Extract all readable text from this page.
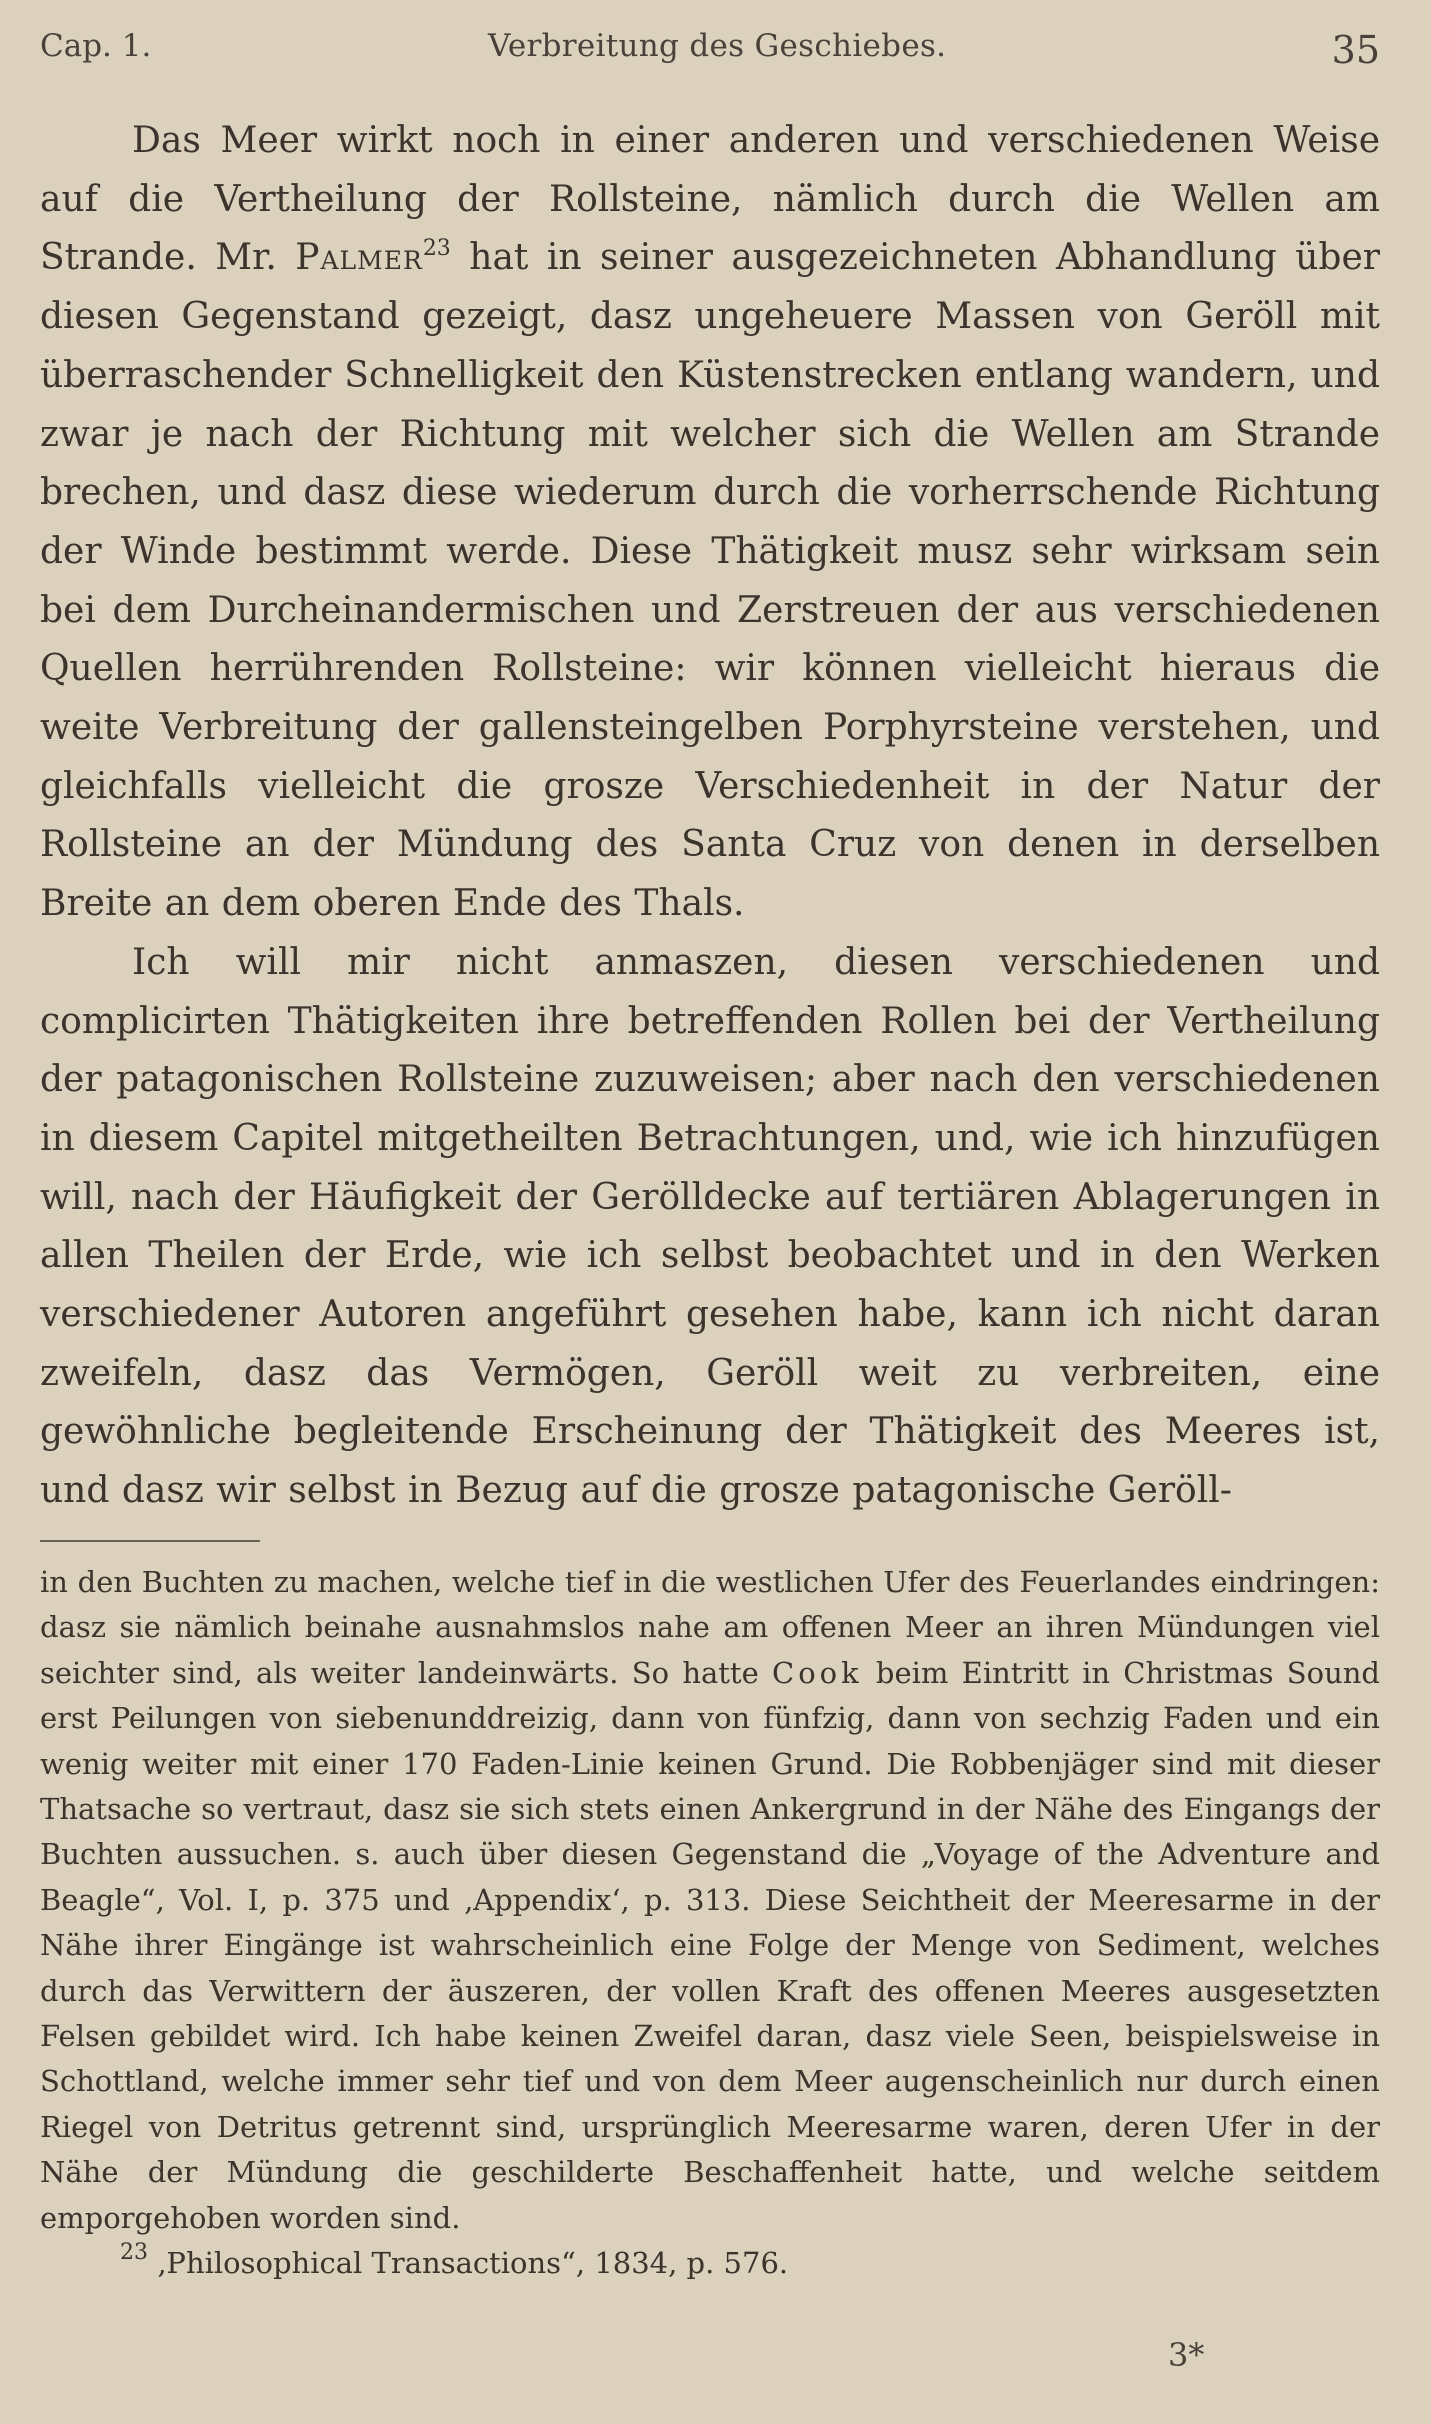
Cap. 1.	Verbreitung des Geschiebes.	35

Das Meer wirkt noch in einer anderen und verschiedenen Weise auf die Vertheilung der Rollsteine, nämlich durch die Wellen am Strande. Mr. Palmer$^{23}$ hat in seiner ausgezeichneten Abhandlung über diesen Gegenstand gezeigt, dasz ungeheuere Massen von Geröll mit überraschender Schnelligkeit den Küstenstrecken entlang wandern, und zwar je nach der Richtung mit welcher sich die Wellen am Strande brechen, und dasz diese wiederum durch die vorherrschende Richtung der Winde bestimmt werde. Diese Thätigkeit musz sehr wirksam sein bei dem Durcheinandermischen und Zerstreuen der aus verschiedenen Quellen herrührenden Rollsteine: wir können vielleicht hieraus die weite Verbreitung der gallensteingelben Porphyrsteine verstehen, und gleichfalls vielleicht die grosze Verschiedenheit in der Natur der Rollsteine an der Mündung des Santa Cruz von denen in derselben Breite an dem oberen Ende des Thals.

Ich will mir nicht anmaszen, diesen verschiedenen und complicirten Thätigkeiten ihre betreffenden Rollen bei der Vertheilung der patagonischen Rollsteine zuzuweisen; aber nach den verschiedenen in diesem Capitel mitgetheilten Betrachtungen, und, wie ich hinzufügen will, nach der Häufigkeit der Gerölldecke auf tertiären Ablagerungen in allen Theilen der Erde, wie ich selbst beobachtet und in den Werken verschiedener Autoren angeführt gesehen habe, kann ich nicht daran zweifeln, dasz das Vermögen, Geröll weit zu verbreiten, eine gewöhnliche begleitende Erscheinung der Thätigkeit des Meeres ist, und dasz wir selbst in Bezug auf die grosze patagonische Geröll-

in den Buchten zu machen, welche tief in die westlichen Ufer des Feuerlandes eindringen: dasz sie nämlich beinahe ausnahmslos nahe am offenen Meer an ihren Mündungen viel seichter sind, als weiter landeinwärts. So hatte Cook beim Eintritt in Christmas Sound erst Peilungen von siebenunddreizig, dann von fünfzig, dann von sechzig Faden und ein wenig weiter mit einer 170 Faden-Linie keinen Grund. Die Robbenjäger sind mit dieser Thatsache so vertraut, dasz sie sich stets einen Ankergrund in der Nähe des Eingangs der Buchten aussuchen. s. auch über diesen Gegenstand die „Voyage of the Adventure and Beagle“, Vol. I, p. 375 und ‚Appendix‘, p. 313. Diese Seichtheit der Meeresarme in der Nähe ihrer Eingänge ist wahrscheinlich eine Folge der Menge von Sediment, welches durch das Verwittern der äuszeren, der vollen Kraft des offenen Meeres ausgesetzten Felsen gebildet wird. Ich habe keinen Zweifel daran, dasz viele Seen, beispielsweise in Schottland, welche immer sehr tief und von dem Meer augenscheinlich nur durch einen Riegel von Detritus getrennt sind, ursprünglich Meeresarme waren, deren Ufer in der Nähe der Mündung die geschilderte Beschaffenheit hatte, und welche seitdem emporgehoben worden sind.

$^{23}$ ‚Philosophical Transactions“, 1834, p. 576.

3*
